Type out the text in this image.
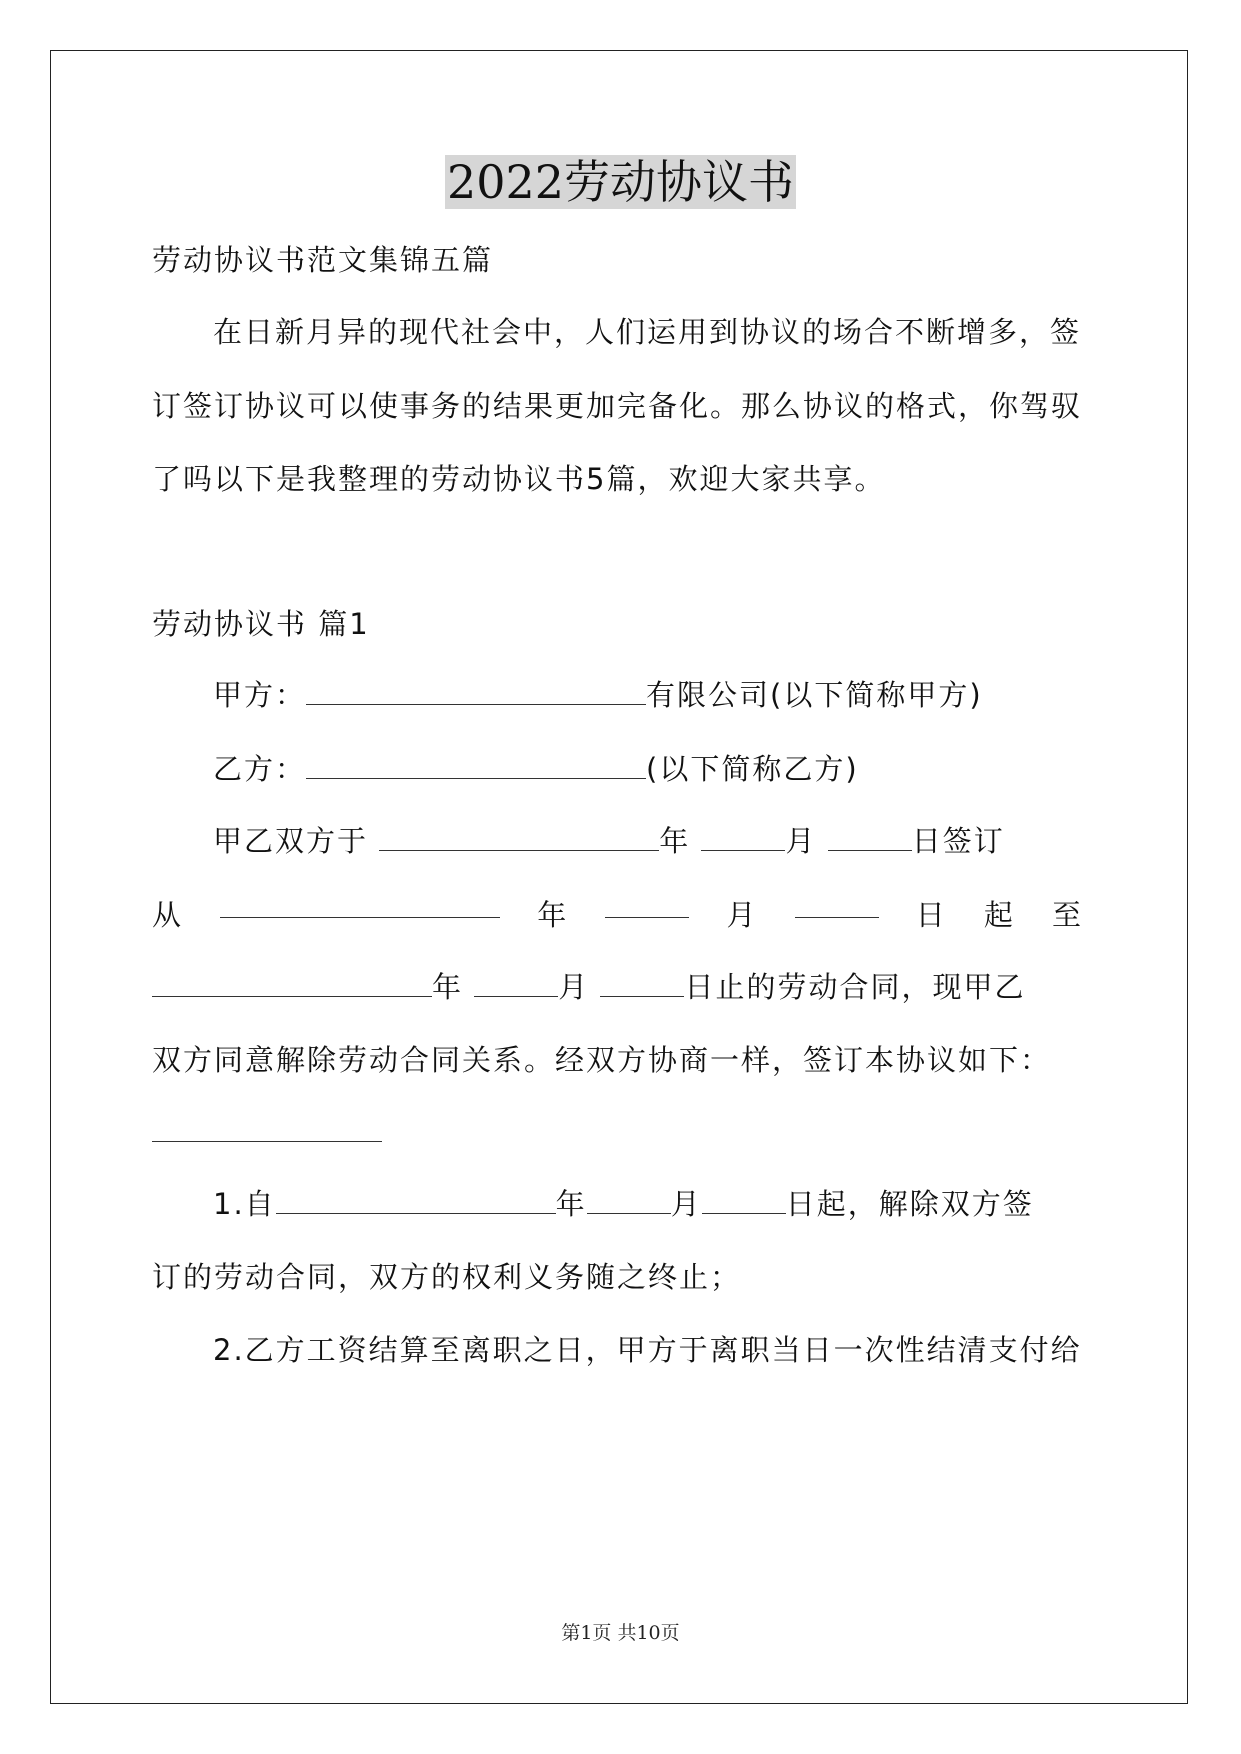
2022劳动协议书
劳动协议书范文集锦五篇
在日新月异的现代社会中，人们运用到协议的场合不断增多，签
订签订协议可以使事务的结果更加完备化。那么协议的格式，你驾驭
了吗以下是我整理的劳动协议书5篇，欢迎大家共享。
劳动协议书 篇1
甲方：	有限公司(以下简称甲方)
乙方：	(以下简称乙方)
甲乙双方于	年	月	日签订
从	年	月	日 起 至
年	月	日止的劳动合同，现甲乙
双方同意解除劳动合同关系。经双方协商一样，签订本协议如下：
1.自	年	月	日起，解除双方签
订的劳动合同，双方的权利义务随之终止；
2.乙方工资结算至离职之日，甲方于离职当日一次性结清支付给
第1页 共10页
